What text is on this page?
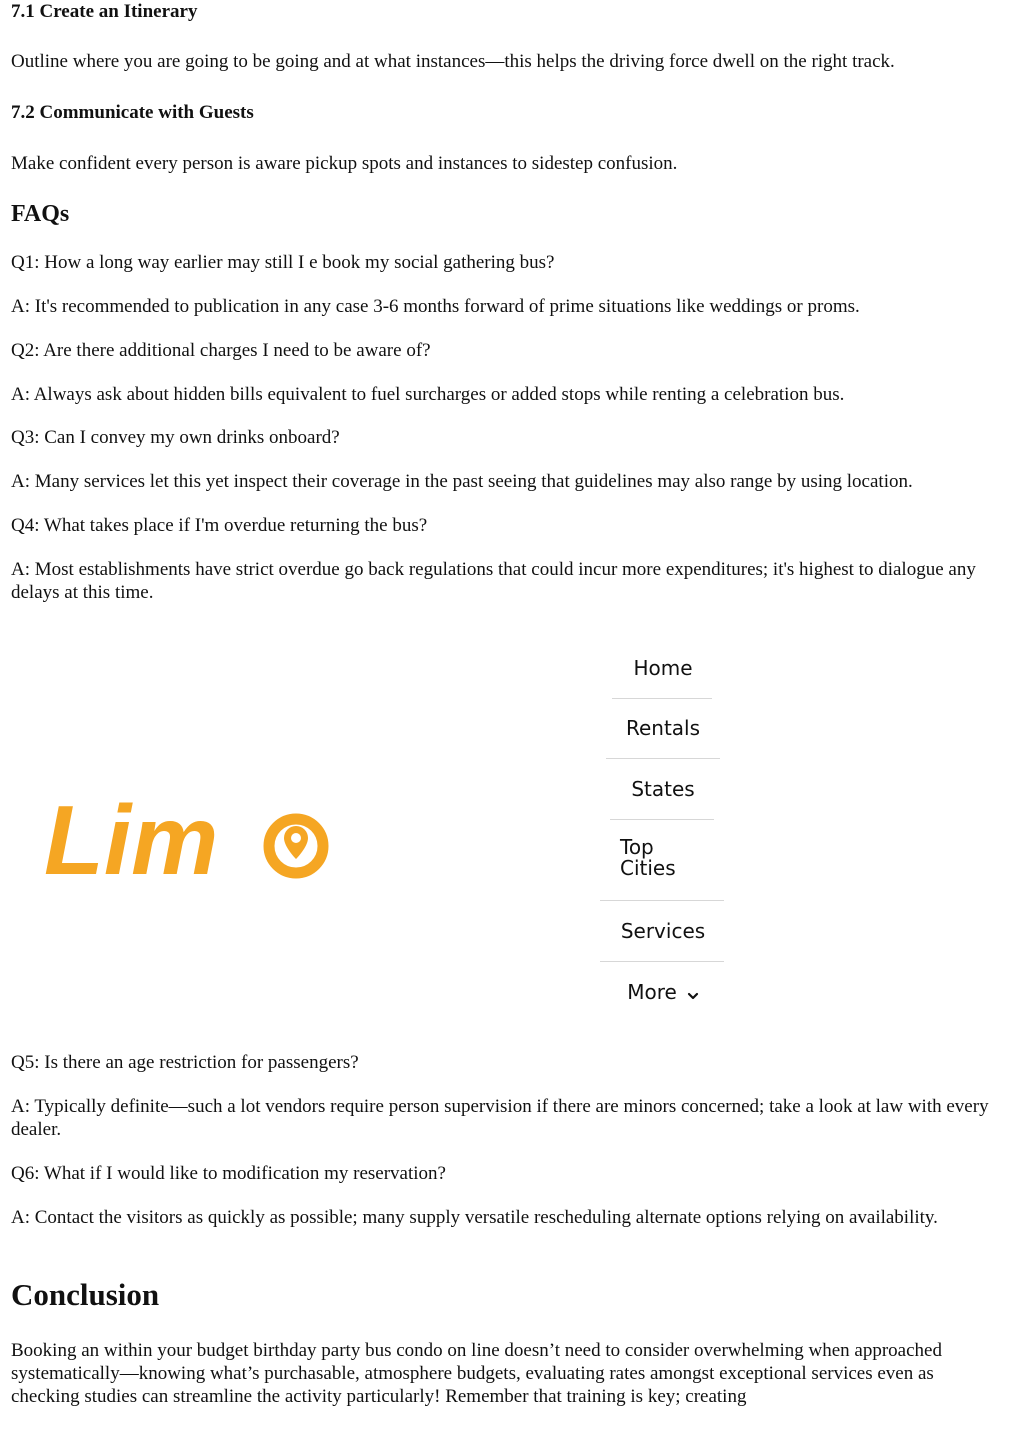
7.1 Create an Itinerary

Outline where you are going to be going and at what instances—this helps the driving force dwell on the right track.

7.2 Communicate with Guests

Make confident every person is aware pickup spots and instances to sidestep confusion.

FAQs

Q1: How a long way earlier may still I e book my social gathering bus?

A: It's recommended to publication in any case 3-6 months forward of prime situations like weddings or proms.

Q2: Are there additional charges I need to be aware of?

A: Always ask about hidden bills equivalent to fuel surcharges or added stops while renting a celebration bus.

Q3: Can I convey my own drinks onboard?

A: Many services let this yet inspect their coverage in the past seeing that guidelines may also range by using location.

Q4: What takes place if I'm overdue returning the bus?

A: Most establishments have strict overdue go back regulations that could incur more expenditures; it's highest to dialogue any delays at this time.

Q5: Is there an age restriction for passengers?

A: Typically definite—such a lot vendors require person supervision if there are minors concerned; take a look at law with every dealer.

Q6: What if I would like to modification my reservation?

A: Contact the visitors as quickly as possible; many supply versatile rescheduling alternate options relying on availability.

Conclusion

Booking an within your budget birthday party bus condo on line doesn’t need to consider overwhelming when approached systematically—knowing what’s purchasable, atmosphere budgets, evaluating rates amongst exceptional services even as checking studies can streamline the activity particularly! Remember that training is key; creating

Lim
Home
Rentals
States
Top Cities
Services
More
